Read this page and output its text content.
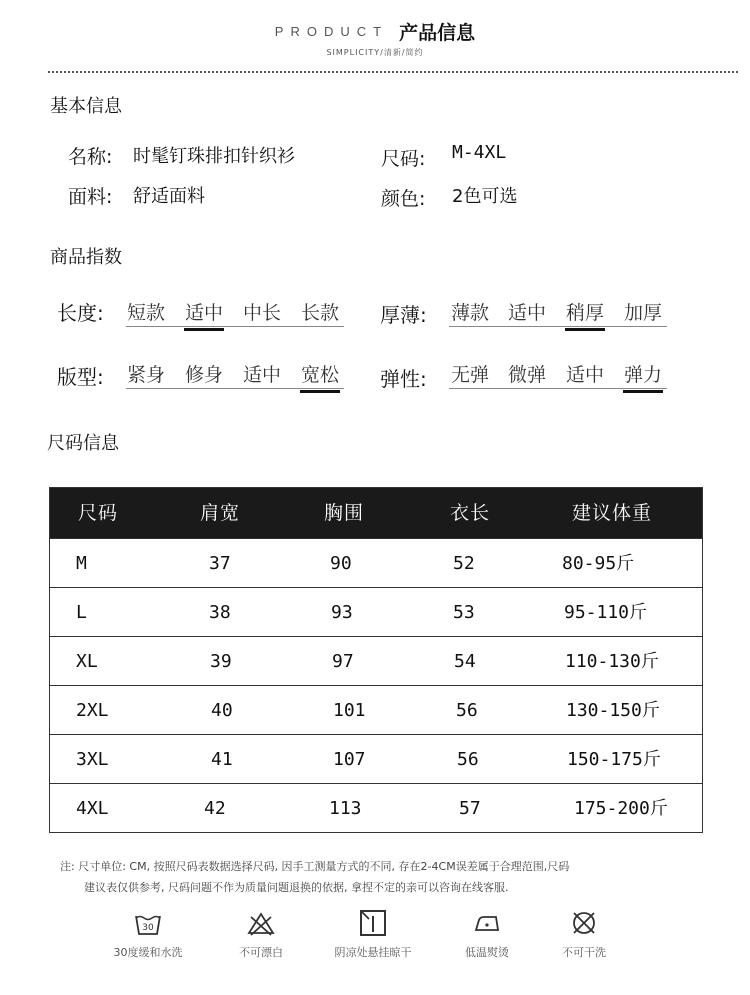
PRODUCT 产品信息
SIMPLICITY/清新/简约
基本信息
名称: 时髦钉珠排扣针织衫	尺码: M-4XL
面料: 舒适面料	颜色: 2色可选
商品指数
长度: 短款 适中 中长 长款 厚薄: 薄款 适中 稍厚 加厚
版型: 紧身 修身 适中 宽松 弹性: 无弹 微弹 适中 弹力
尺码信息
尺码	肩宽	胸围	衣长	建议体重
M	37	90	52	80-95斤
L	38	93	53	95-110斤
XL	39	97	54	110-130斤
2XL	40	101	56	130-150斤
3XL	41	107	56	150-175斤
4XL	42	113	57	175-200斤
注: 尺寸单位: CM, 按照尺码表数据选择尺码, 因手工测量方式的不同, 存在2-4CM误差属于合理范围,尺码
建议表仅供参考, 尺码问题不作为质量问题退换的依据, 拿捏不定的亲可以咨询在线客服.
30
30度缓和水洗	不可漂白	阴凉处悬挂晾干	低温熨烫	不可干洗
